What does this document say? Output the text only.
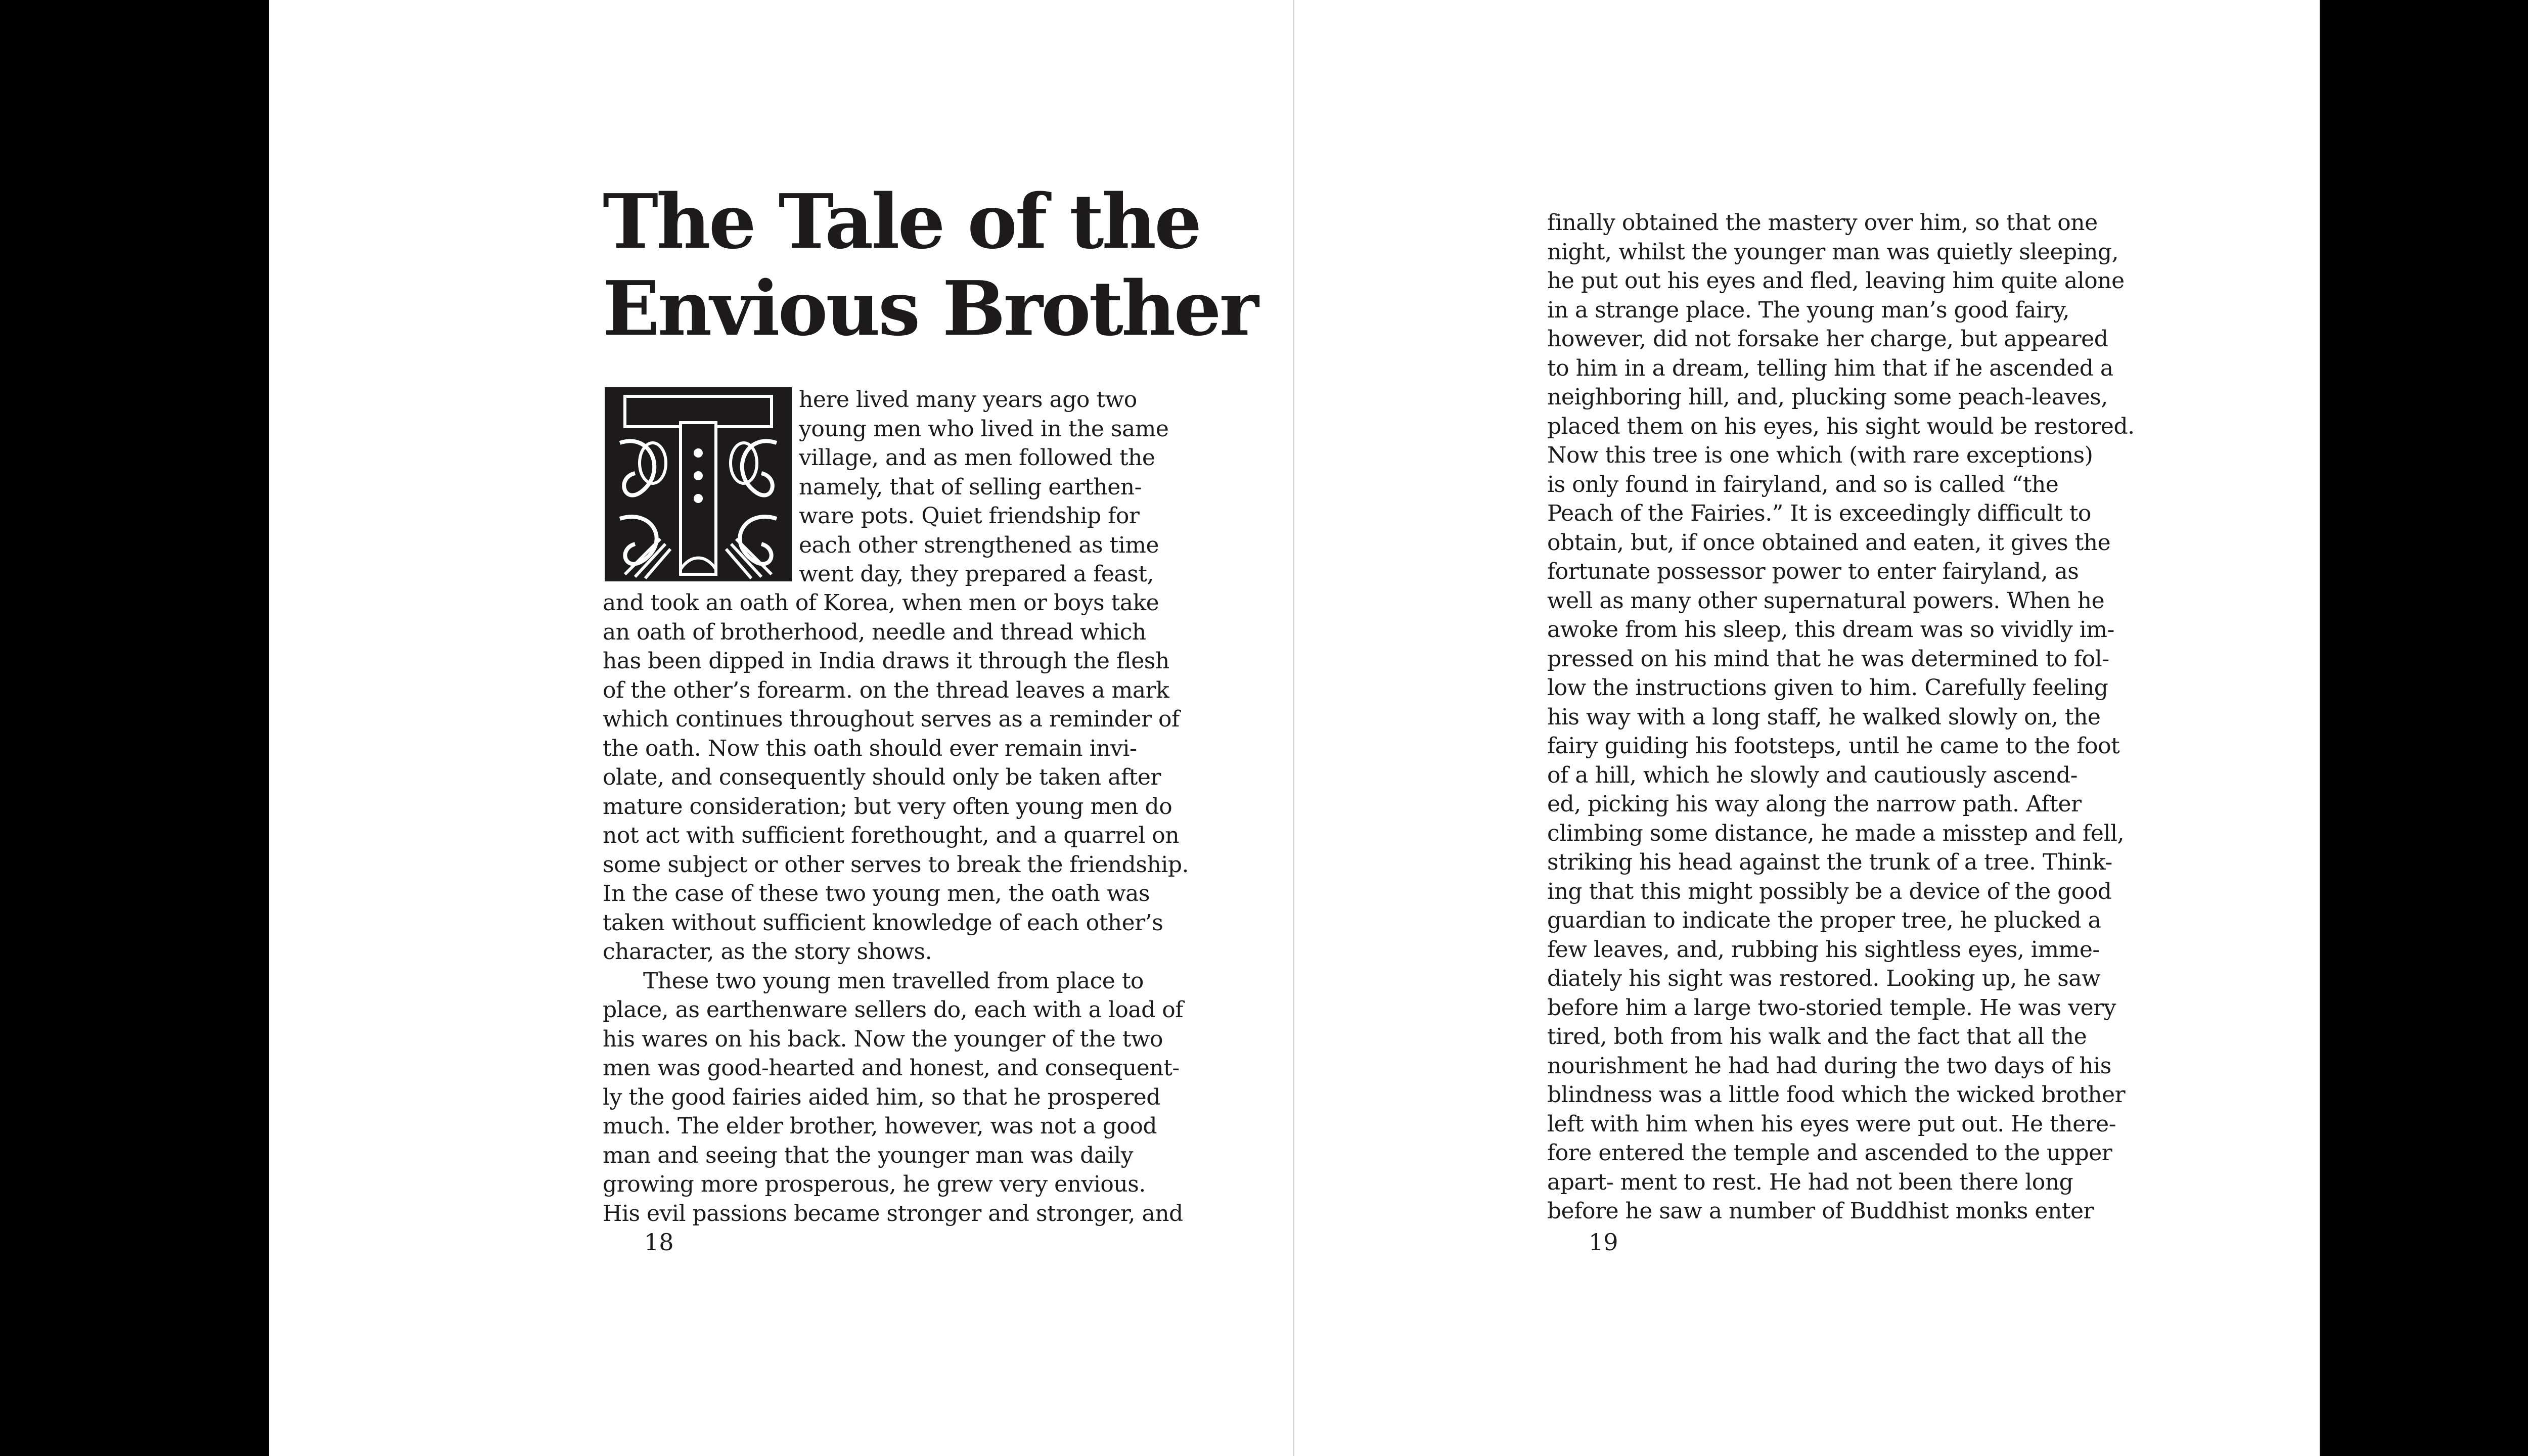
The Tale of the
Envious Brother
here lived many years ago two
young men who lived in the same
village, and as men followed the
namely, that of selling earthen-
ware pots. Quiet friendship for
each other strengthened as time
went day, they prepared a feast,
and took an oath of Korea, when men or boys take
an oath of brotherhood, needle and thread which
has been dipped in India draws it through the flesh
of the other’s forearm. on the thread leaves a mark
which continues throughout serves as a reminder of
the oath. Now this oath should ever remain invi-
olate, and consequently should only be taken after
mature consideration; but very often young men do
not act with sufficient forethought, and a quarrel on
some subject or other serves to break the friendship.
In the case of these two young men, the oath was
taken without sufficient knowledge of each other’s
character, as the story shows.
These two young men travelled from place to
place, as earthenware sellers do, each with a load of
his wares on his back. Now the younger of the two
men was good-hearted and honest, and consequent-
ly the good fairies aided him, so that he prospered
much. The elder brother, however, was not a good
man and seeing that the younger man was daily
growing more prosperous, he grew very envious.
His evil passions became stronger and stronger, and
18
finally obtained the mastery over him, so that one
night, whilst the younger man was quietly sleeping,
he put out his eyes and fled, leaving him quite alone
in a strange place. The young man’s good fairy,
however, did not forsake her charge, but appeared
to him in a dream, telling him that if he ascended a
neighboring hill, and, plucking some peach-leaves,
placed them on his eyes, his sight would be restored.
Now this tree is one which (with rare exceptions)
is only found in fairyland, and so is called “the
Peach of the Fairies.” It is exceedingly difficult to
obtain, but, if once obtained and eaten, it gives the
fortunate possessor power to enter fairyland, as
well as many other supernatural powers. When he
awoke from his sleep, this dream was so vividly im-
pressed on his mind that he was determined to fol-
low the instructions given to him. Carefully feeling
his way with a long staff, he walked slowly on, the
fairy guiding his footsteps, until he came to the foot
of a hill, which he slowly and cautiously ascend-
ed, picking his way along the narrow path. After
climbing some distance, he made a misstep and fell,
striking his head against the trunk of a tree. Think-
ing that this might possibly be a device of the good
guardian to indicate the proper tree, he plucked a
few leaves, and, rubbing his sightless eyes, imme-
diately his sight was restored. Looking up, he saw
before him a large two-storied temple. He was very
tired, both from his walk and the fact that all the
nourishment he had had during the two days of his
blindness was a little food which the wicked brother
left with him when his eyes were put out. He there-
fore entered the temple and ascended to the upper
apart- ment to rest. He had not been there long
before he saw a number of Buddhist monks enter
19
